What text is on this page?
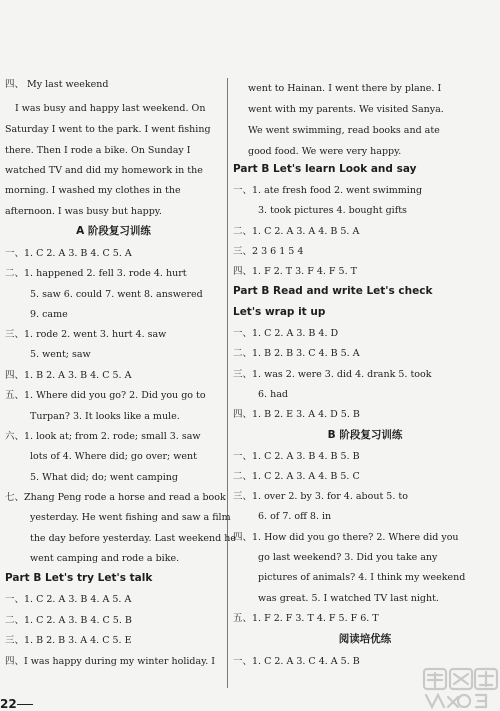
四、 My last weekend
I was busy and happy last weekend. On
Saturday I went to the park. I went fishing
there. Then I rode a bike. On Sunday I
watched TV and did my homework in the
morning. I washed my clothes in the
afternoon. I was busy but happy.
A 阶段复习训练
一、1. C 2. A 3. B 4. C 5. A
二、1. happened 2. fell 3. rode 4. hurt
5. saw 6. could 7. went 8. answered
9. came
三、1. rode 2. went 3. hurt 4. saw
5. went; saw
四、1. B 2. A 3. B 4. C 5. A
五、1. Where did you go? 2. Did you go to
Turpan? 3. It looks like a mule.
六、1. look at; from 2. rode; small 3. saw
lots of 4. Where did; go over; went
5. What did; do; went camping
七、Zhang Peng rode a horse and read a book
yesterday. He went fishing and saw a film
the day before yesterday. Last weekend he
went camping and rode a bike.
Part B Let's try Let's talk
一、1. C 2. A 3. B 4. A 5. A
二、1. C 2. A 3. B 4. C 5. B
三、1. B 2. B 3. A 4. C 5. E
四、I was happy during my winter holiday. I
went to Hainan. I went there by plane. I
went with my parents. We visited Sanya.
We went swimming, read books and ate
good food. We were very happy.
Part B Let's learn Look and say
一、1. ate fresh food 2. went swimming
3. took pictures 4. bought gifts
二、1. C 2. A 3. A 4. B 5. A
三、2 3 6 1 5 4
四、1. F 2. T 3. F 4. F 5. T
Part B Read and write Let's check
Let's wrap it up
一、1. C 2. A 3. B 4. D
二、1. B 2. B 3. C 4. B 5. A
三、1. was 2. were 3. did 4. drank 5. took
6. had
四、1. B 2. E 3. A 4. D 5. B
B 阶段复习训练
一、1. C 2. A 3. B 4. B 5. B
二、1. C 2. A 3. A 4. B 5. C
三、1. over 2. by 3. for 4. about 5. to
6. of 7. off 8. in
四、1. How did you go there? 2. Where did you
go last weekend? 3. Did you take any
pictures of animals? 4. I think my weekend
was great. 5. I watched TV last night.
五、1. F 2. F 3. T 4. F 5. F 6. T
阅读培优练
一、1. C 2. A 3. C 4. A 5. B
22
